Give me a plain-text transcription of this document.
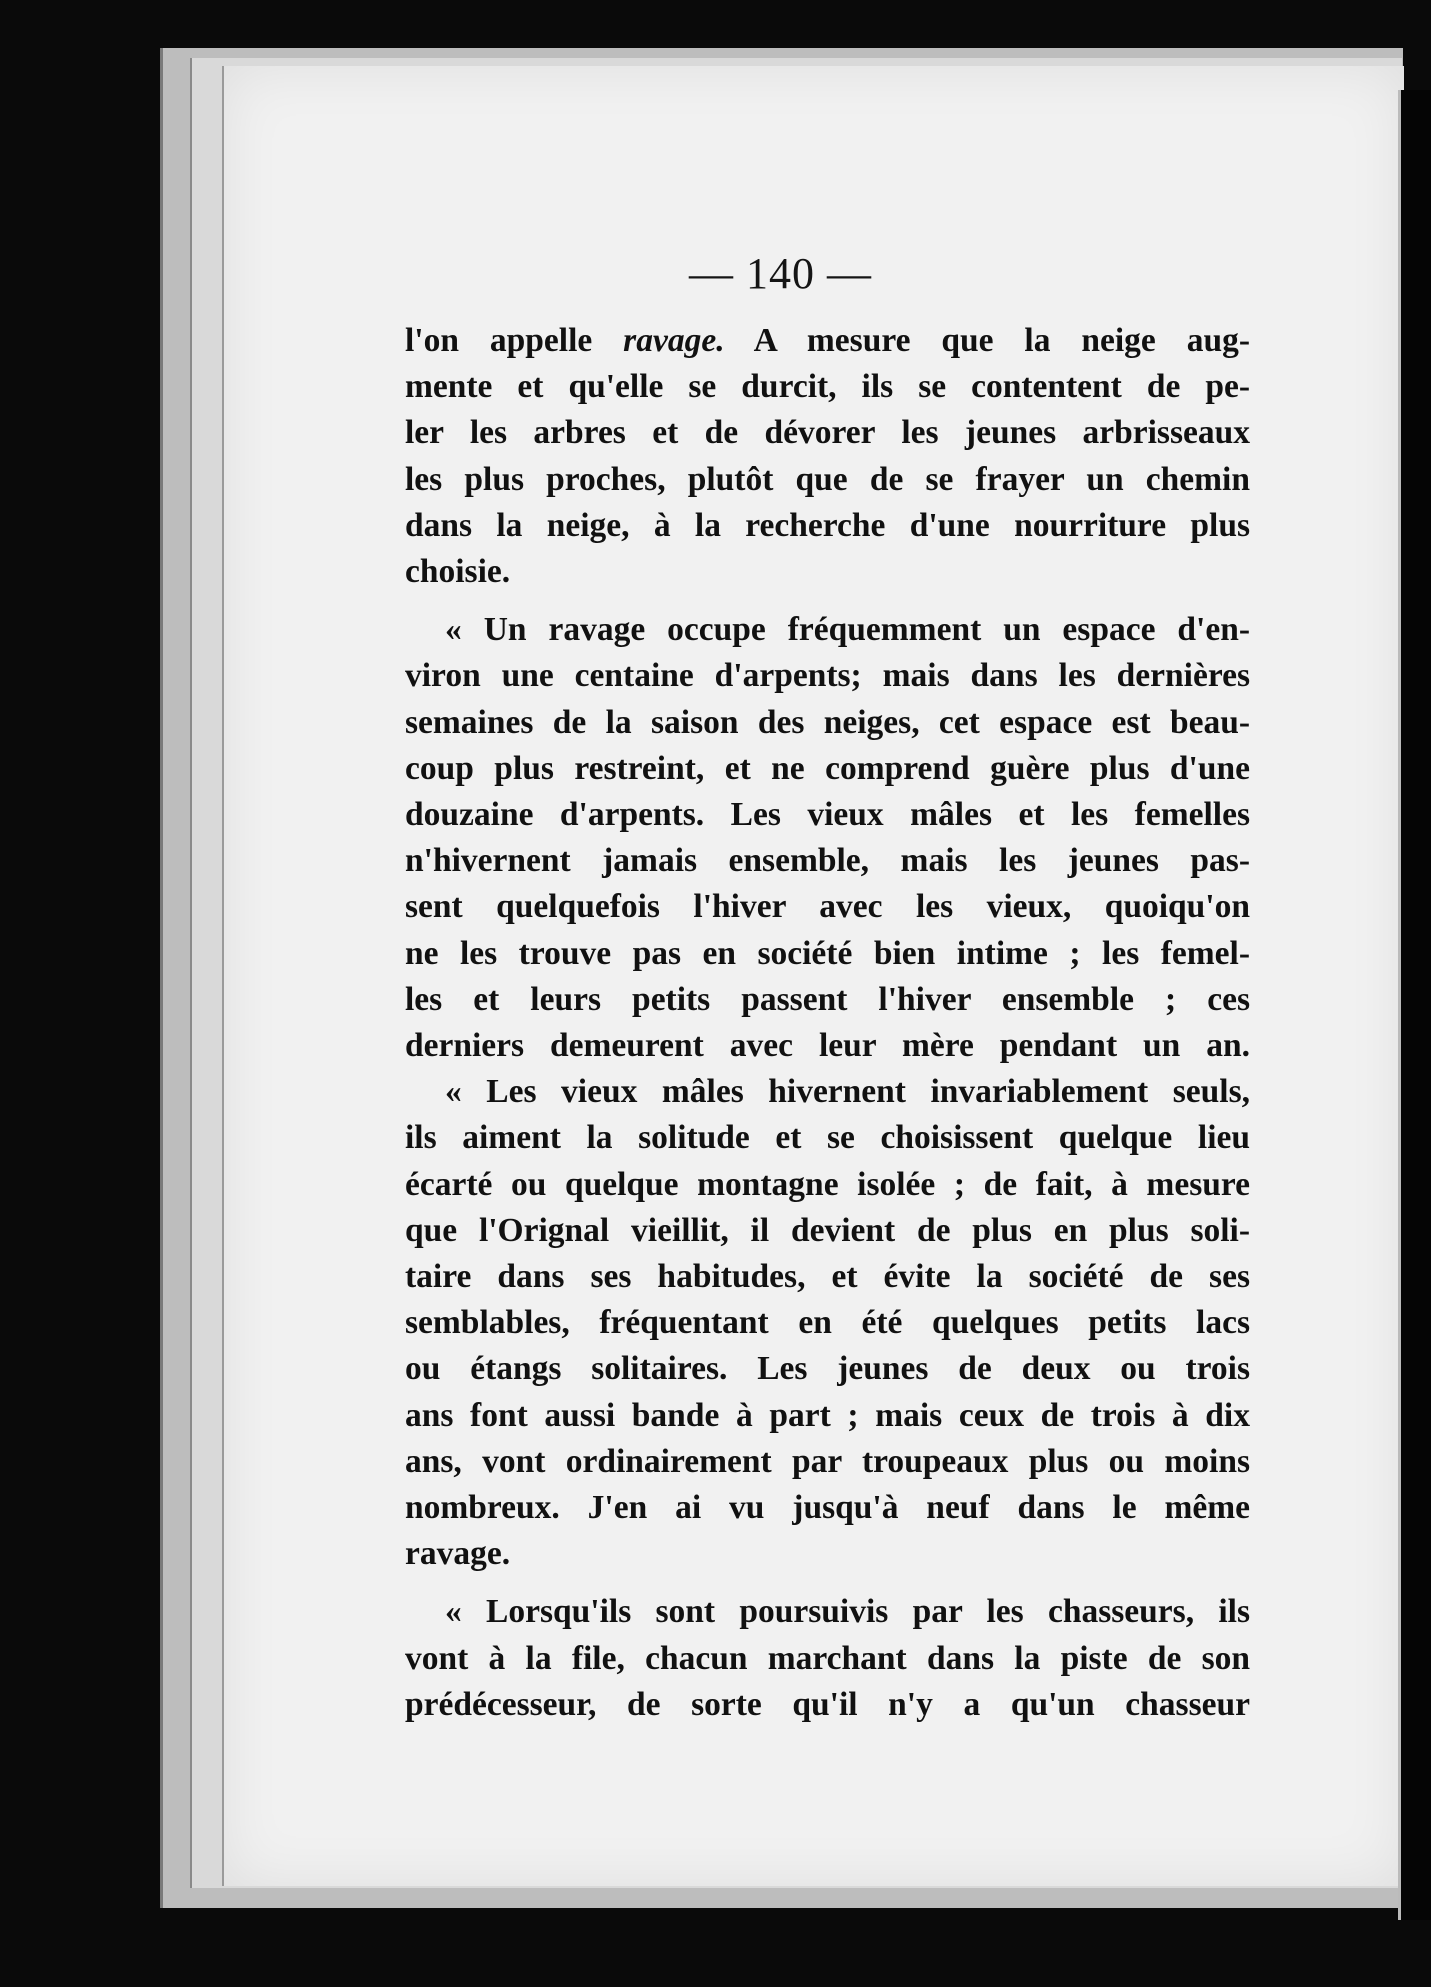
— 140 —
l'on appelle ravage. A mesure que la neige aug-
mente et qu'elle se durcit, ils se contentent de pe-
ler les arbres et de dévorer les jeunes arbrisseaux
les plus proches, plutôt que de se frayer un chemin
dans la neige, à la recherche d'une nourriture plus
choisie.
« Un ravage occupe fréquemment un espace d'en-
viron une centaine d'arpents; mais dans les dernières
semaines de la saison des neiges, cet espace est beau-
coup plus restreint, et ne comprend guère plus d'une
douzaine d'arpents. Les vieux mâles et les femelles
n'hivernent jamais ensemble, mais les jeunes pas-
sent quelquefois l'hiver avec les vieux, quoiqu'on
ne les trouve pas en société bien intime ; les femel-
les et leurs petits passent l'hiver ensemble ; ces
derniers demeurent avec leur mère pendant un an.
« Les vieux mâles hivernent invariablement seuls,
ils aiment la solitude et se choisissent quelque lieu
écarté ou quelque montagne isolée ; de fait, à mesure
que l'Orignal vieillit, il devient de plus en plus soli-
taire dans ses habitudes, et évite la société de ses
semblables, fréquentant en été quelques petits lacs
ou étangs solitaires. Les jeunes de deux ou trois
ans font aussi bande à part ; mais ceux de trois à dix
ans, vont ordinairement par troupeaux plus ou moins
nombreux. J'en ai vu jusqu'à neuf dans le même
ravage.
« Lorsqu'ils sont poursuivis par les chasseurs, ils
vont à la file, chacun marchant dans la piste de son
prédécesseur, de sorte qu'il n'y a qu'un chasseur
